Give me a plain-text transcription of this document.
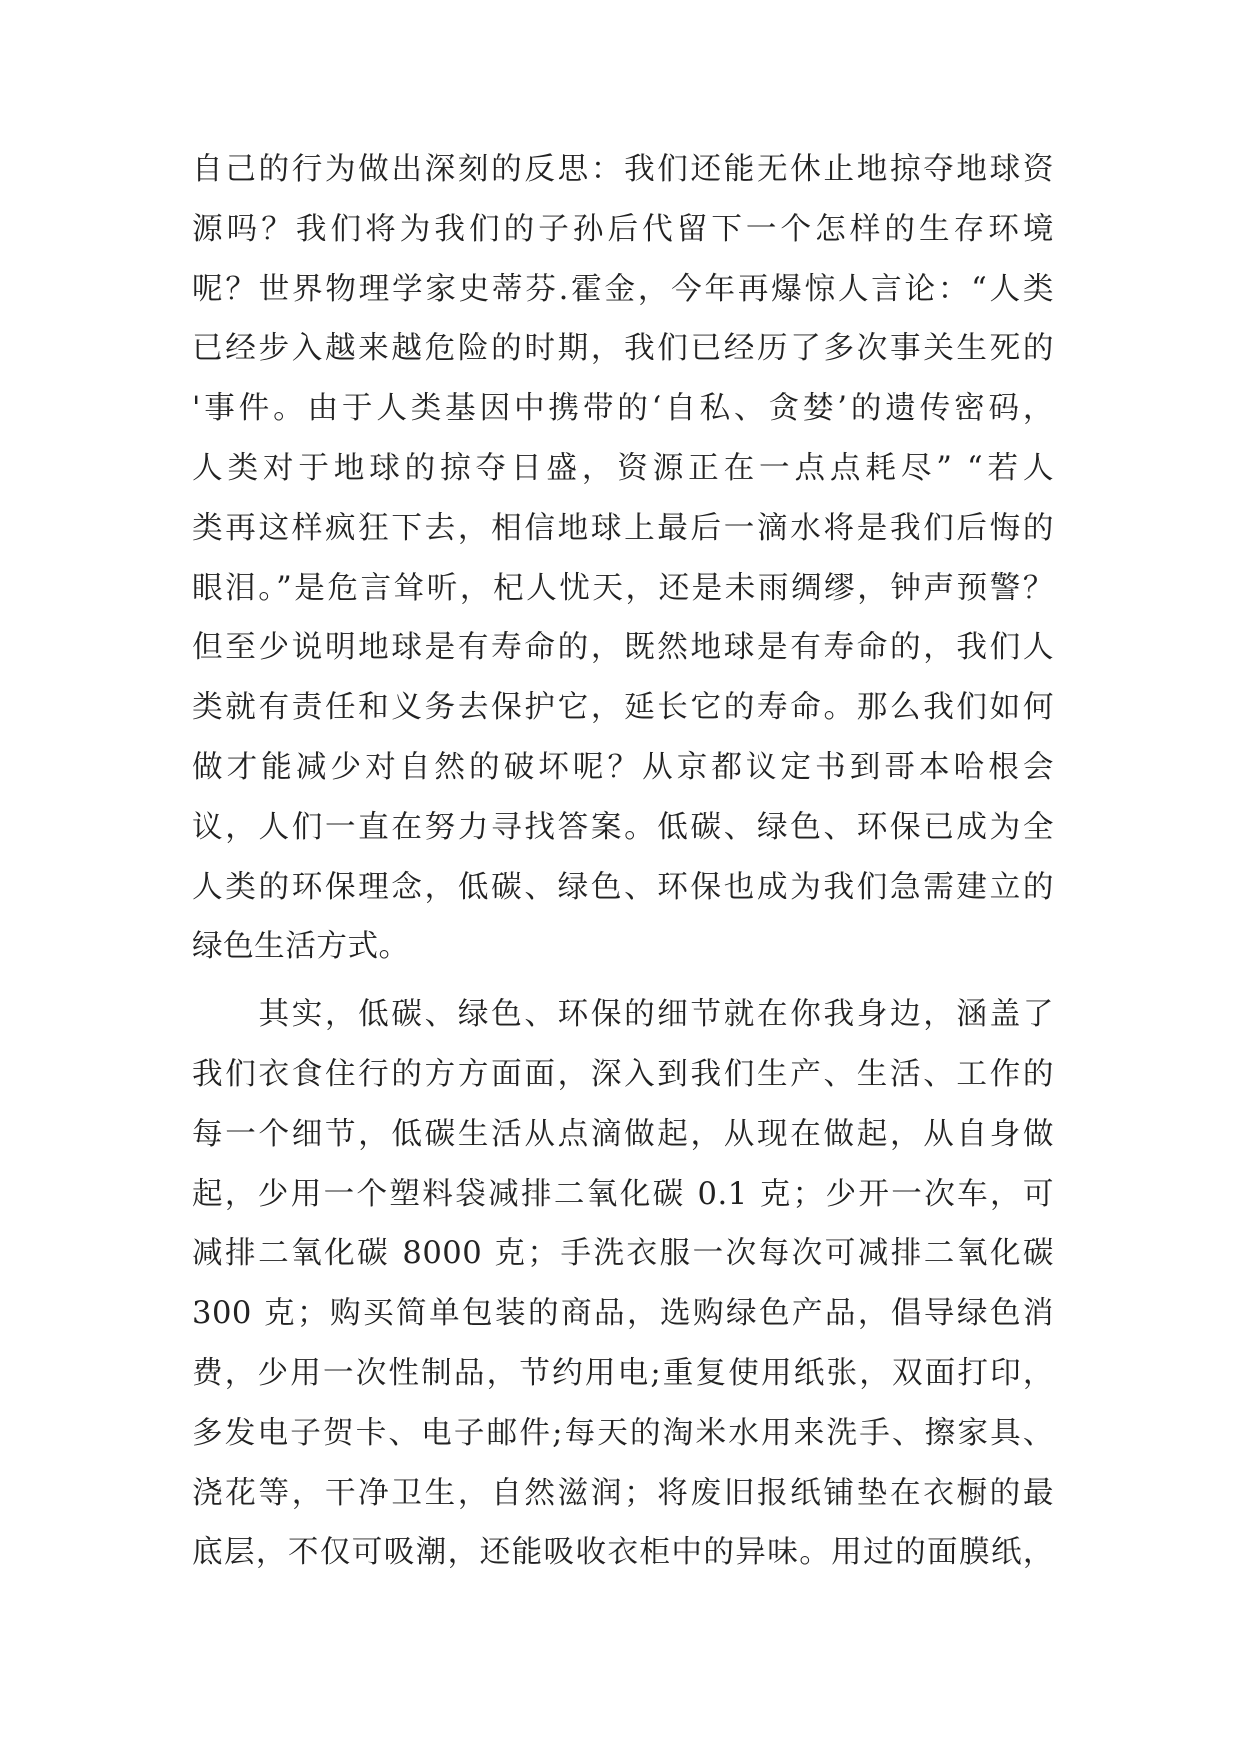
自己的行为做出深刻的反思：我们还能无休止地掠夺地球资
源吗？我们将为我们的子孙后代留下一个怎样的生存环境
呢？世界物理学家史蒂芬.霍金，今年再爆惊人言论：“人类
已经步入越来越危险的时期，我们已经历了多次事关生死的
'事件。由于人类基因中携带的‘自私、贪婪’的遗传密码，
人类对于地球的掠夺日盛，资源正在一点点耗尽” “若人
类再这样疯狂下去，相信地球上最后一滴水将是我们后悔的
眼泪。”是危言耸听，杞人忧天，还是未雨绸缪，钟声预警？
但至少说明地球是有寿命的，既然地球是有寿命的，我们人
类就有责任和义务去保护它，延长它的寿命。那么我们如何
做才能减少对自然的破坏呢？从京都议定书到哥本哈根会
议，人们一直在努力寻找答案。低碳、绿色、环保已成为全
人类的环保理念，低碳、绿色、环保也成为我们急需建立的
绿色生活方式。

　　其实，低碳、绿色、环保的细节就在你我身边，涵盖了
我们衣食住行的方方面面，深入到我们生产、生活、工作的
每一个细节，低碳生活从点滴做起，从现在做起，从自身做
起，少用一个塑料袋减排二氧化碳 0.1 克；少开一次车，可
减排二氧化碳 8000 克；手洗衣服一次每次可减排二氧化碳
300 克；购买简单包装的商品，选购绿色产品，倡导绿色消
费，少用一次性制品，节约用电;重复使用纸张，双面打印，
多发电子贺卡、电子邮件;每天的淘米水用来洗手、擦家具、
浇花等，干净卫生，自然滋润；将废旧报纸铺垫在衣橱的最
底层，不仅可吸潮，还能吸收衣柜中的异味。用过的面膜纸，
